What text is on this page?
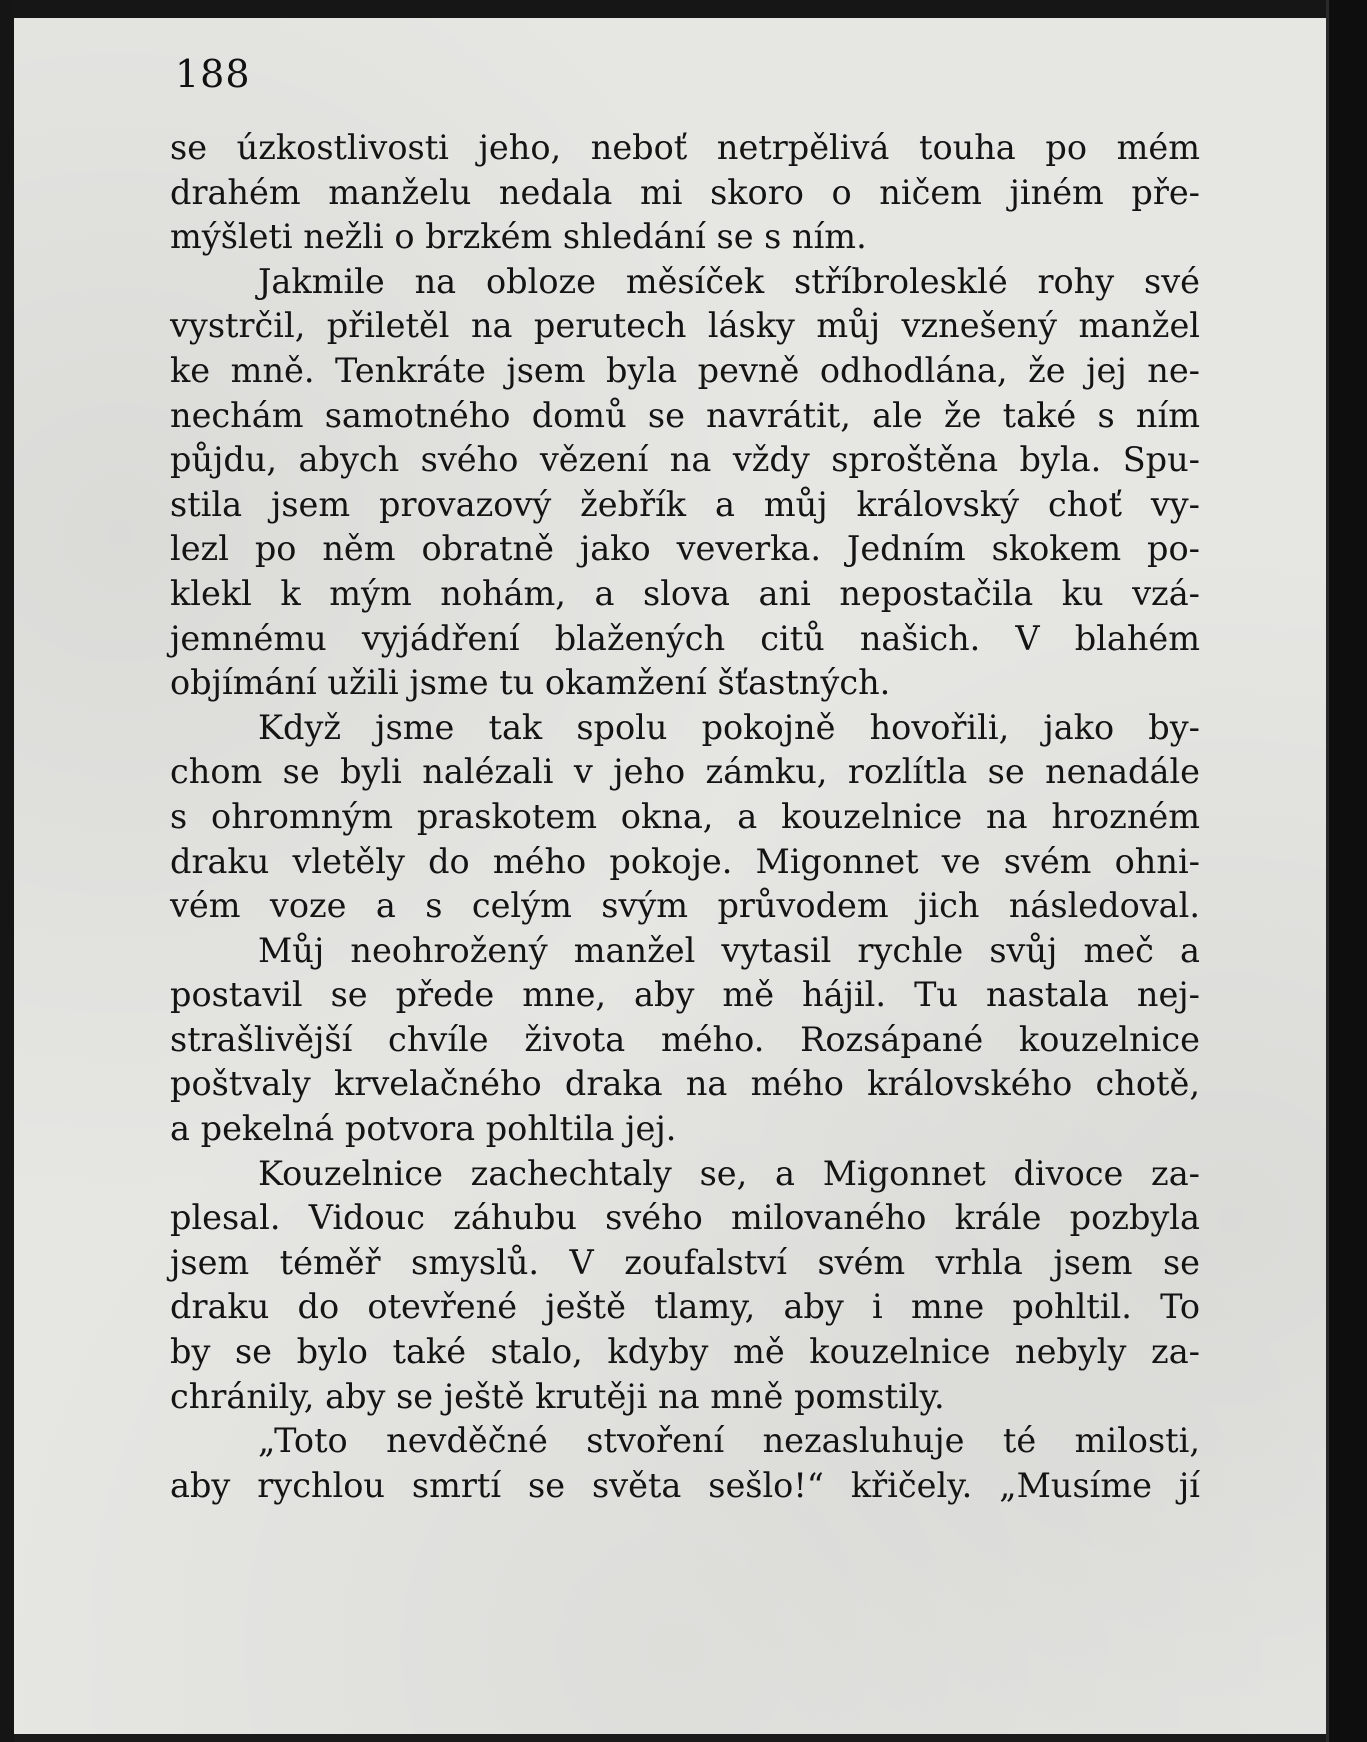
188
se úzkostlivosti jeho, neboť netrpělivá touha po mém
drahém manželu nedala mi skoro o ničem jiném pře-
mýšleti nežli o brzkém shledání se s ním.
Jakmile na obloze měsíček stříbrolesklé rohy své
vystrčil, přiletěl na perutech lásky můj vznešený manžel
ke mně. Tenkráte jsem byla pevně odhodlána, že jej ne-
nechám samotného domů se navrátit, ale že také s ním
půjdu, abych svého vězení na vždy sproštěna byla. Spu-
stila jsem provazový žebřík a můj královský choť vy-
lezl po něm obratně jako veverka. Jedním skokem po-
klekl k mým nohám, a slova ani nepostačila ku vzá-
jemnému vyjádření blažených citů našich. V blahém
objímání užili jsme tu okamžení šťastných.
Když jsme tak spolu pokojně hovořili, jako by-
chom se byli nalézali v jeho zámku, rozlítla se nenadále
s ohromným praskotem okna, a kouzelnice na hrozném
draku vletěly do mého pokoje. Migonnet ve svém ohni-
vém voze a s celým svým průvodem jich následoval.
Můj neohrožený manžel vytasil rychle svůj meč a
postavil se přede mne, aby mě hájil. Tu nastala nej-
strašlivější chvíle života mého. Rozsápané kouzelnice
poštvaly krvelačného draka na mého královského chotě,
a pekelná potvora pohltila jej.
Kouzelnice zachechtaly se, a Migonnet divoce za-
plesal. Vidouc záhubu svého milovaného krále pozbyla
jsem téměř smyslů. V zoufalství svém vrhla jsem se
draku do otevřené ještě tlamy, aby i mne pohltil. To
by se bylo také stalo, kdyby mě kouzelnice nebyly za-
chránily, aby se ještě krutěji na mně pomstily.
„Toto nevděčné stvoření nezasluhuje té milosti,
aby rychlou smrtí se světa sešlo!“ křičely. „Musíme jí
